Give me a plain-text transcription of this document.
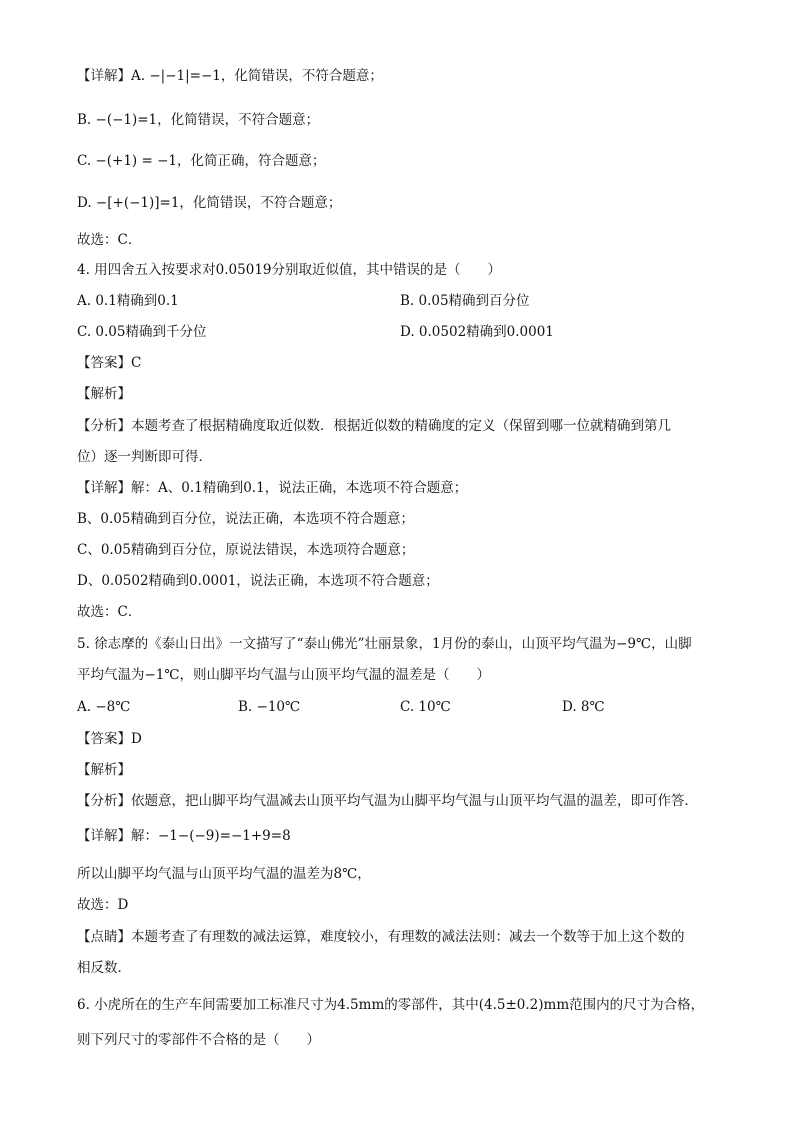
【详解】A. −|−1|=−1，化简错误，不符合题意；
B. −(−1)=1，化简错误，不符合题意；
C. −(+1) = −1，化简正确，符合题意；
D. −[+(−1)]=1，化简错误，不符合题意；
故选：C．
4. 用四舍五入按要求对0.05019分别取近似值，其中错误的是（　　）
A. 0.1精确到0.1	B. 0.05精确到百分位
C. 0.05精确到千分位	D. 0.0502精确到0.0001
【答案】C
【解析】
【分析】本题考查了根据精确度取近似数．根据近似数的精确度的定义（保留到哪一位就精确到第几
位）逐一判断即可得．
【详解】解：A、0.1精确到0.1，说法正确，本选项不符合题意；
B、0.05精确到百分位，说法正确，本选项不符合题意；
C、0.05精确到百分位，原说法错误，本选项符合题意；
D、0.0502精确到0.0001，说法正确，本选项不符合题意；
故选：C．
5. 徐志摩的《泰山日出》一文描写了“泰山佛光”壮丽景象，1月份的泰山，山顶平均气温为−9℃，山脚
平均气温为−1℃，则山脚平均气温与山顶平均气温的温差是（　　）
A. −8℃	B. −10℃	C. 10℃	D. 8℃
【答案】D
【解析】
【分析】依题意，把山脚平均气温减去山顶平均气温为山脚平均气温与山顶平均气温的温差，即可作答．
【详解】解：−1−(−9)=−1+9=8
所以山脚平均气温与山顶平均气温的温差为8℃，
故选：D
【点睛】本题考查了有理数的减法运算，难度较小，有理数的减法法则：减去一个数等于加上这个数的
相反数．
6. 小虎所在的生产车间需要加工标准尺寸为4.5mm的零部件，其中(4.5±0.2)mm范围内的尺寸为合格，
则下列尺寸的零部件不合格的是（　　）
